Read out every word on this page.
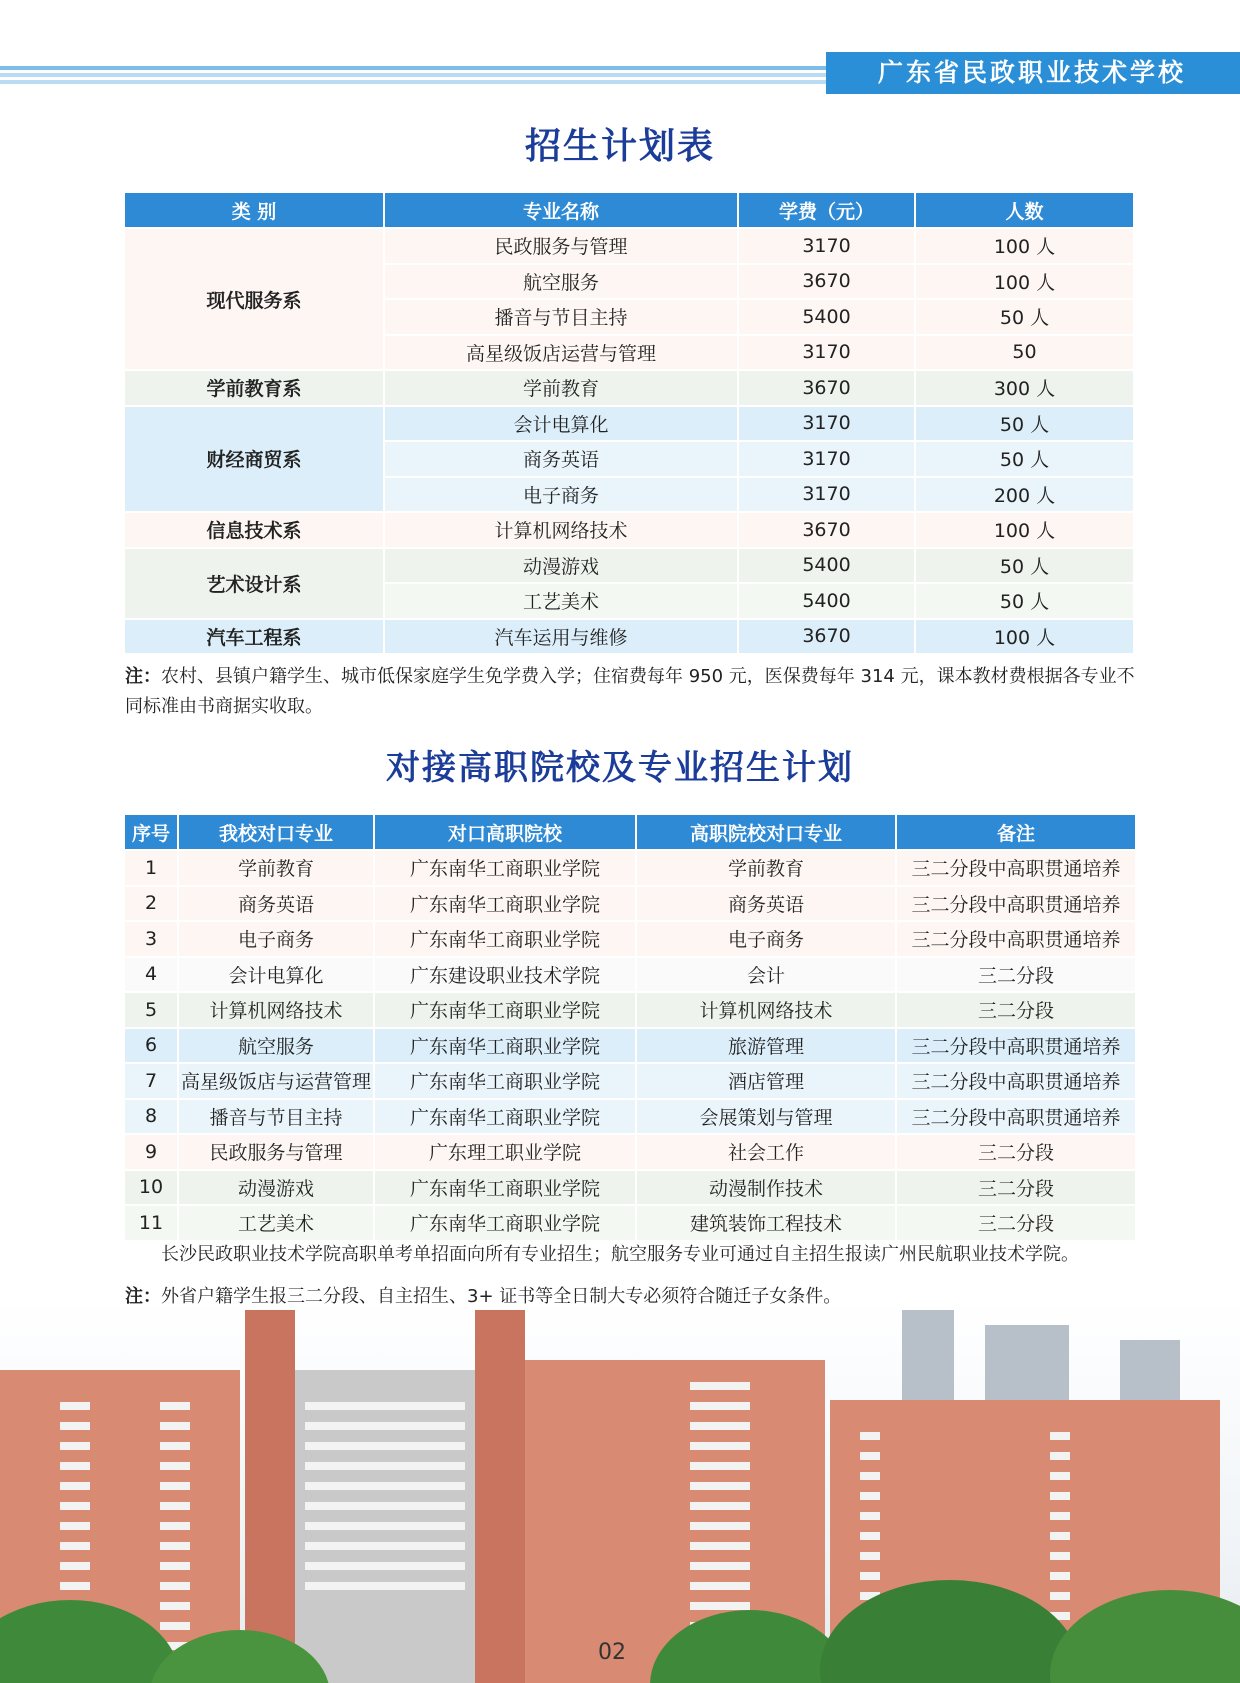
广东省民政职业技术学校
招生计划表
类 别	专业名称	学费（元）	人数
现代服务系	民政服务与管理	3170	100 人
	航空服务	3670	100 人
	播音与节目主持	5400	50 人
	高星级饭店运营与管理	3170	50
学前教育系	学前教育	3670	300 人
财经商贸系	会计电算化	3170	50 人
	商务英语	3170	50 人
	电子商务	3170	200 人
信息技术系	计算机网络技术	3670	100 人
艺术设计系	动漫游戏	5400	50 人
	工艺美术	5400	50 人
汽车工程系	汽车运用与维修	3670	100 人
注：农村、县镇户籍学生、城市低保家庭学生免学费入学；住宿费每年 950 元，医保费每年 314 元，课本教材费根据各专业不同标准由书商据实收取。
对接高职院校及专业招生计划
序号	我校对口专业	对口高职院校	高职院校对口专业	备注
1	学前教育	广东南华工商职业学院	学前教育	三二分段中高职贯通培养
2	商务英语	广东南华工商职业学院	商务英语	三二分段中高职贯通培养
3	电子商务	广东南华工商职业学院	电子商务	三二分段中高职贯通培养
4	会计电算化	广东建设职业技术学院	会计	三二分段
5	计算机网络技术	广东南华工商职业学院	计算机网络技术	三二分段
6	航空服务	广东南华工商职业学院	旅游管理	三二分段中高职贯通培养
7	高星级饭店与运营管理	广东南华工商职业学院	酒店管理	三二分段中高职贯通培养
8	播音与节目主持	广东南华工商职业学院	会展策划与管理	三二分段中高职贯通培养
9	民政服务与管理	广东理工职业学院	社会工作	三二分段
10	动漫游戏	广东南华工商职业学院	动漫制作技术	三二分段
11	工艺美术	广东南华工商职业学院	建筑装饰工程技术	三二分段
长沙民政职业技术学院高职单考单招面向所有专业招生；航空服务专业可通过自主招生报读广州民航职业技术学院。
注：外省户籍学生报三二分段、自主招生、3+ 证书等全日制大专必须符合随迁子女条件。
02
